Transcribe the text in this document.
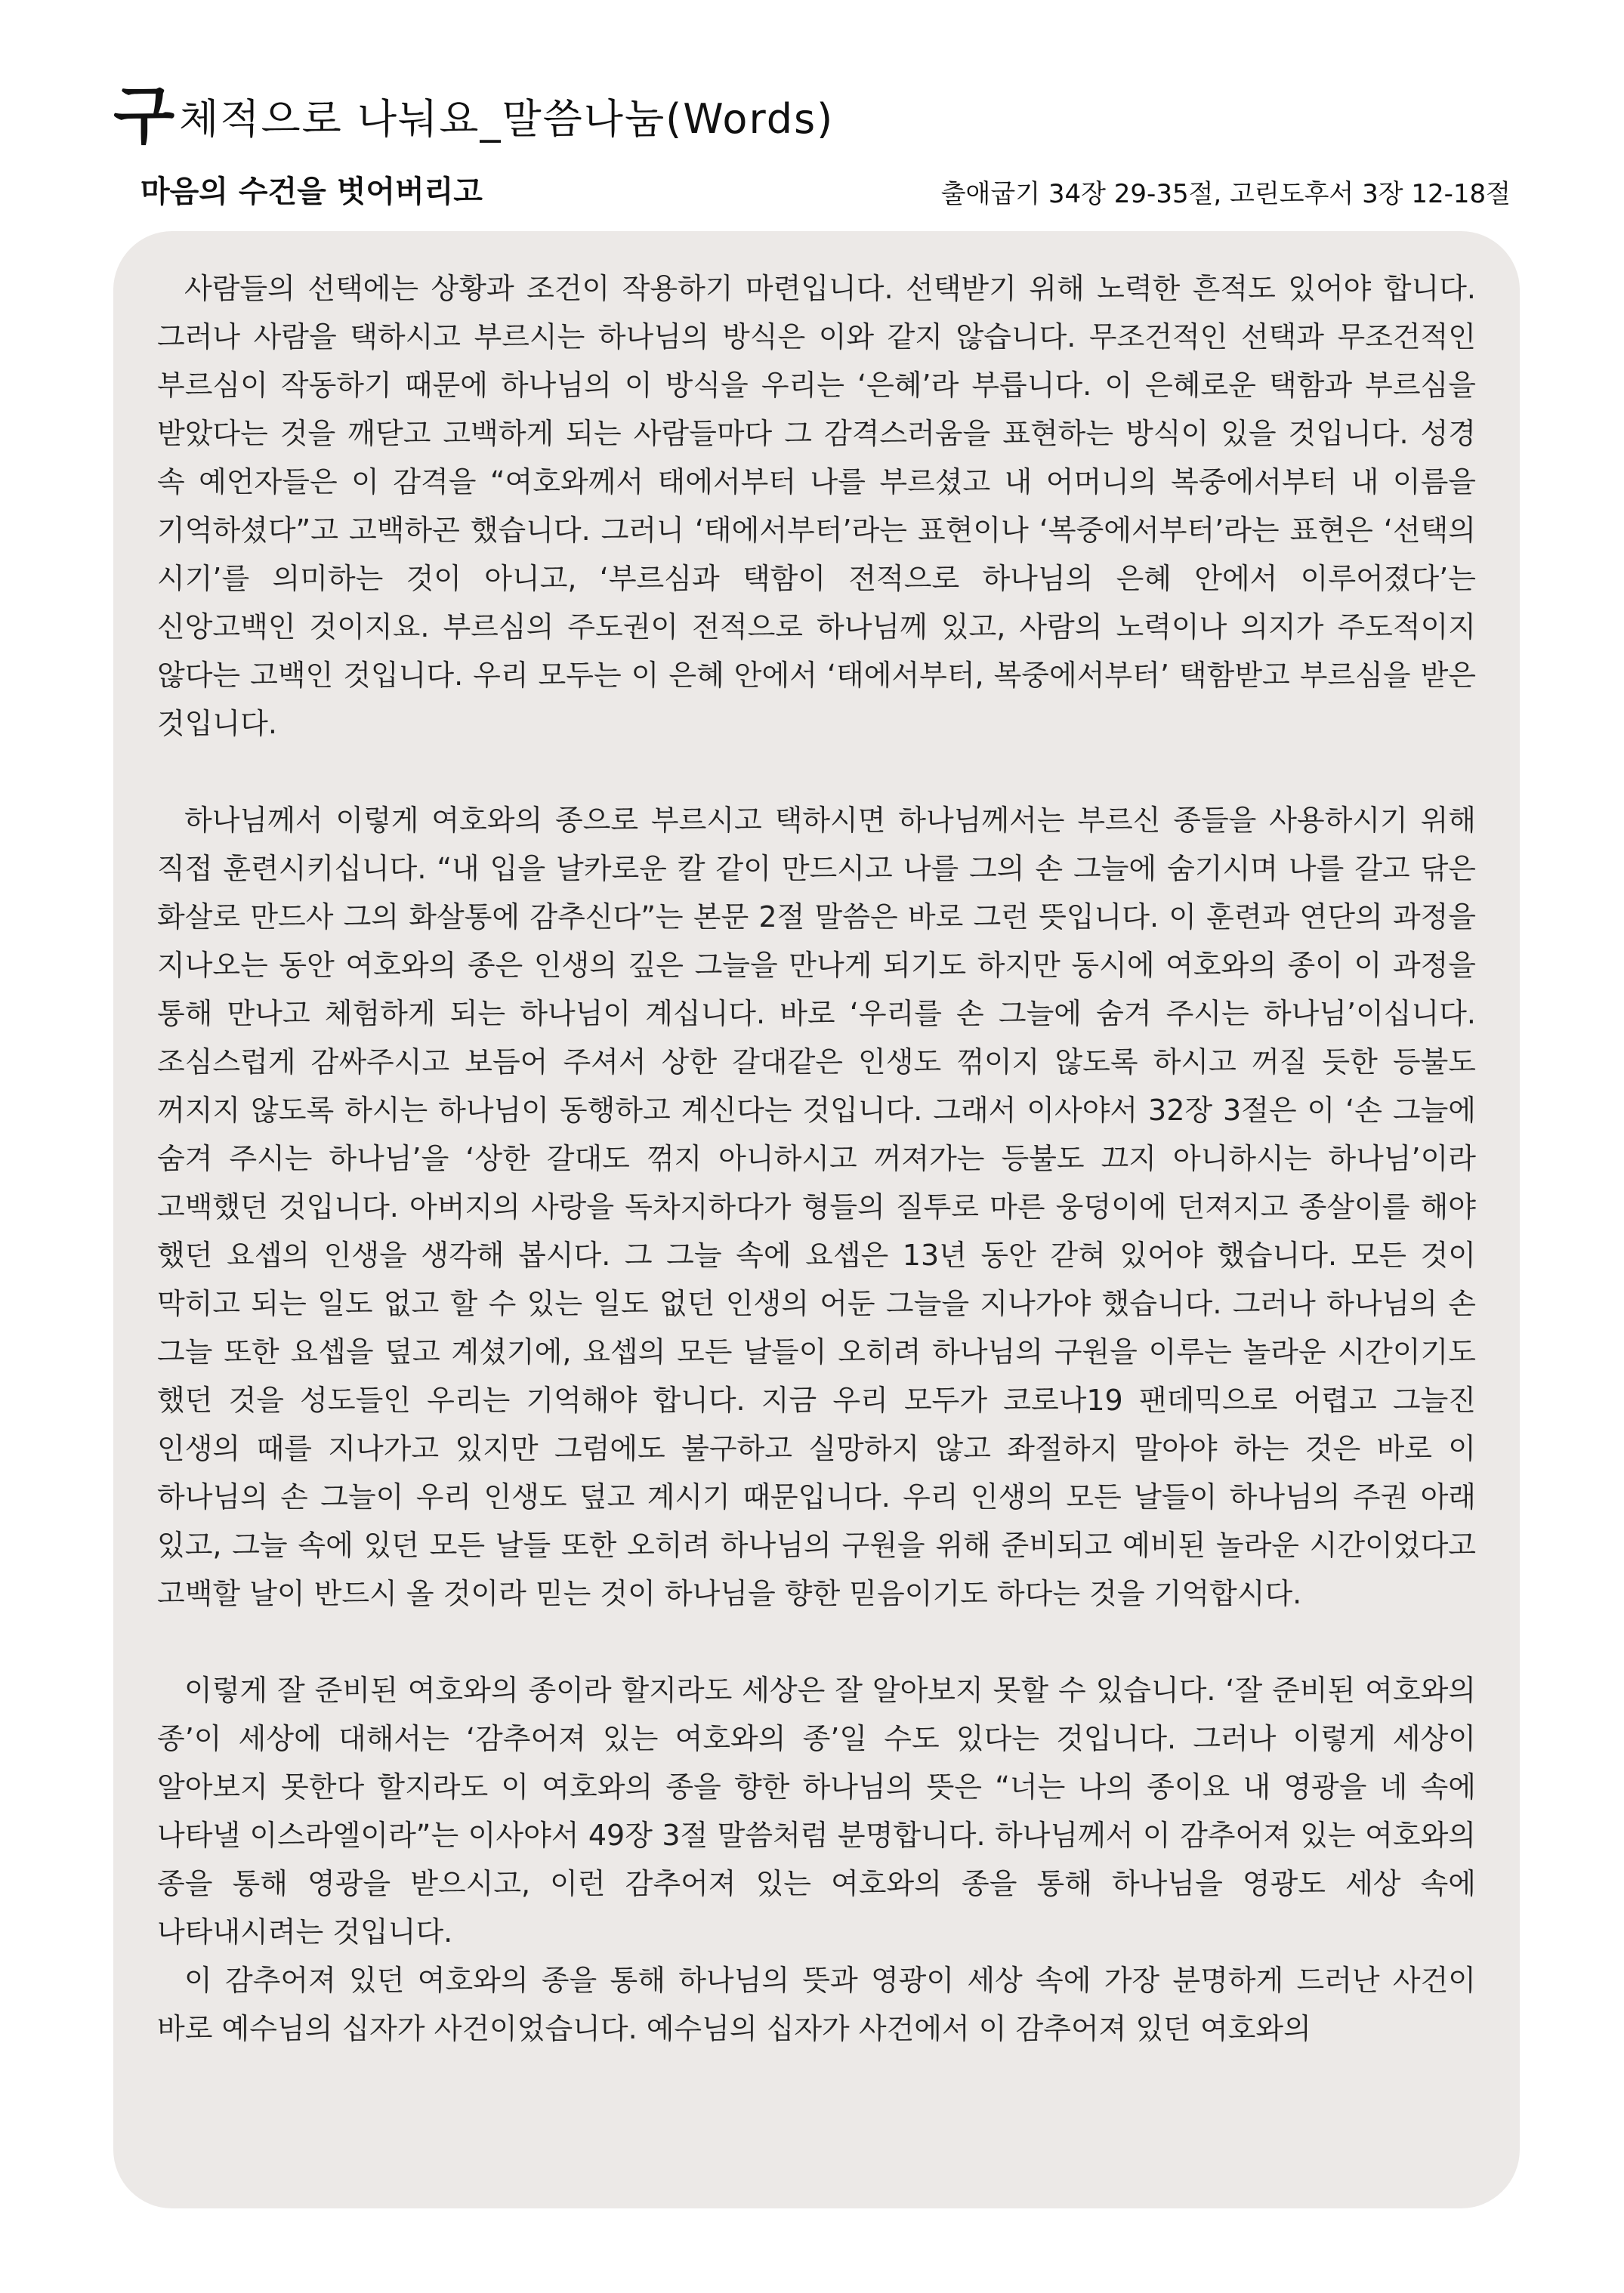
구체적으로 나눠요_말씀나눔(Words)
마음의 수건을 벗어버리고	출애굽기 34장 29-35절, 고린도후서 3장 12-18절

사람들의 선택에는 상황과 조건이 작용하기 마련입니다. 선택받기 위해 노력한 흔적도 있어야 합니다. 그러나 사람을 택하시고 부르시는 하나님의 방식은 이와 같지 않습니다. 무조건적인 선택과 무조건적인 부르심이 작동하기 때문에 하나님의 이 방식을 우리는 ‘은혜’라 부릅니다. 이 은혜로운 택함과 부르심을 받았다는 것을 깨닫고 고백하게 되는 사람들마다 그 감격스러움을 표현하는 방식이 있을 것입니다. 성경 속 예언자들은 이 감격을 “여호와께서 태에서부터 나를 부르셨고 내 어머니의 복중에서부터 내 이름을 기억하셨다”고 고백하곤 했습니다. 그러니 ‘태에서부터’라는 표현이나 ‘복중에서부터’라는 표현은 ‘선택의 시기’를 의미하는 것이 아니고, ‘부르심과 택함이 전적으로 하나님의 은혜 안에서 이루어졌다’는 신앙고백인 것이지요. 부르심의 주도권이 전적으로 하나님께 있고, 사람의 노력이나 의지가 주도적이지 않다는 고백인 것입니다. 우리 모두는 이 은혜 안에서 ‘태에서부터, 복중에서부터’ 택함받고 부르심을 받은 것입니다.

하나님께서 이렇게 여호와의 종으로 부르시고 택하시면 하나님께서는 부르신 종들을 사용하시기 위해 직접 훈련시키십니다. “내 입을 날카로운 칼 같이 만드시고 나를 그의 손 그늘에 숨기시며 나를 갈고 닦은 화살로 만드사 그의 화살통에 감추신다”는 본문 2절 말씀은 바로 그런 뜻입니다. 이 훈련과 연단의 과정을 지나오는 동안 여호와의 종은 인생의 깊은 그늘을 만나게 되기도 하지만 동시에 여호와의 종이 이 과정을 통해 만나고 체험하게 되는 하나님이 계십니다. 바로 ‘우리를 손 그늘에 숨겨 주시는 하나님’이십니다. 조심스럽게 감싸주시고 보듬어 주셔서 상한 갈대같은 인생도 꺾이지 않도록 하시고 꺼질 듯한 등불도 꺼지지 않도록 하시는 하나님이 동행하고 계신다는 것입니다. 그래서 이사야서 32장 3절은 이 ‘손 그늘에 숨겨 주시는 하나님’을 ‘상한 갈대도 꺾지 아니하시고 꺼져가는 등불도 끄지 아니하시는 하나님’이라 고백했던 것입니다. 아버지의 사랑을 독차지하다가 형들의 질투로 마른 웅덩이에 던져지고 종살이를 해야 했던 요셉의 인생을 생각해 봅시다. 그 그늘 속에 요셉은 13년 동안 갇혀 있어야 했습니다. 모든 것이 막히고 되는 일도 없고 할 수 있는 일도 없던 인생의 어둔 그늘을 지나가야 했습니다. 그러나 하나님의 손 그늘 또한 요셉을 덮고 계셨기에, 요셉의 모든 날들이 오히려 하나님의 구원을 이루는 놀라운 시간이기도 했던 것을 성도들인 우리는 기억해야 합니다. 지금 우리 모두가 코로나19 팬데믹으로 어렵고 그늘진 인생의 때를 지나가고 있지만 그럼에도 불구하고 실망하지 않고 좌절하지 말아야 하는 것은 바로 이 하나님의 손 그늘이 우리 인생도 덮고 계시기 때문입니다. 우리 인생의 모든 날들이 하나님의 주권 아래 있고, 그늘 속에 있던 모든 날들 또한 오히려 하나님의 구원을 위해 준비되고 예비된 놀라운 시간이었다고 고백할 날이 반드시 올 것이라 믿는 것이 하나님을 향한 믿음이기도 하다는 것을 기억합시다.

이렇게 잘 준비된 여호와의 종이라 할지라도 세상은 잘 알아보지 못할 수 있습니다. ‘잘 준비된 여호와의 종’이 세상에 대해서는 ‘감추어져 있는 여호와의 종’일 수도 있다는 것입니다. 그러나 이렇게 세상이 알아보지 못한다 할지라도 이 여호와의 종을 향한 하나님의 뜻은 “너는 나의 종이요 내 영광을 네 속에 나타낼 이스라엘이라”는 이사야서 49장 3절 말씀처럼 분명합니다. 하나님께서 이 감추어져 있는 여호와의 종을 통해 영광을 받으시고, 이런 감추어져 있는 여호와의 종을 통해 하나님을 영광도 세상 속에 나타내시려는 것입니다.

이 감추어져 있던 여호와의 종을 통해 하나님의 뜻과 영광이 세상 속에 가장 분명하게 드러난 사건이 바로 예수님의 십자가 사건이었습니다. 예수님의 십자가 사건에서 이 감추어져 있던 여호와의
